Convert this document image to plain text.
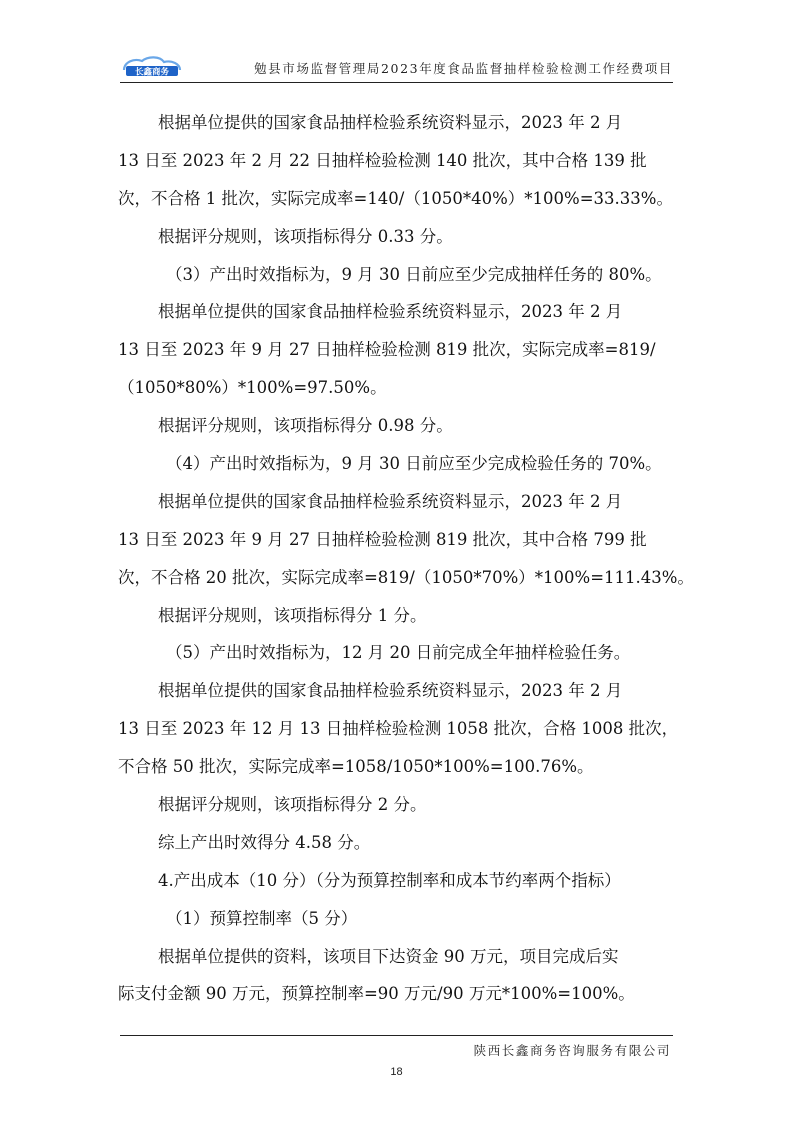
长鑫商务	勉县市场监督管理局2023年度食品监督抽样检验检测工作经费项目

根据单位提供的国家食品抽样检验系统资料显示，2023 年 2 月

13 日至 2023 年 2 月 22 日抽样检验检测 140 批次，其中合格 139 批

次，不合格 1 批次，实际完成率=140/（1050*40%）*100%=33.33%。

根据评分规则，该项指标得分 0.33 分。

（3）产出时效指标为，9 月 30 日前应至少完成抽样任务的 80%。

根据单位提供的国家食品抽样检验系统资料显示，2023 年 2 月

13 日至 2023 年 9 月 27 日抽样检验检测 819 批次，实际完成率=819/

（1050*80%）*100%=97.50%。

根据评分规则，该项指标得分 0.98 分。

（4）产出时效指标为，9 月 30 日前应至少完成检验任务的 70%。

根据单位提供的国家食品抽样检验系统资料显示，2023 年 2 月

13 日至 2023 年 9 月 27 日抽样检验检测 819 批次，其中合格 799 批

次，不合格 20 批次，实际完成率=819/（1050*70%）*100%=111.43%。

根据评分规则，该项指标得分 1 分。

（5）产出时效指标为，12 月 20 日前完成全年抽样检验任务。

根据单位提供的国家食品抽样检验系统资料显示，2023 年 2 月

13 日至 2023 年 12 月 13 日抽样检验检测 1058 批次，合格 1008 批次，

不合格 50 批次，实际完成率=1058/1050*100%=100.76%。

根据评分规则，该项指标得分 2 分。

综上产出时效得分 4.58 分。

4.产出成本（10 分）（分为预算控制率和成本节约率两个指标）

（1）预算控制率（5 分）

根据单位提供的资料，该项目下达资金 90 万元，项目完成后实

际支付金额 90 万元，预算控制率=90 万元/90 万元*100%=100%。

陕西长鑫商务咨询服务有限公司
18
